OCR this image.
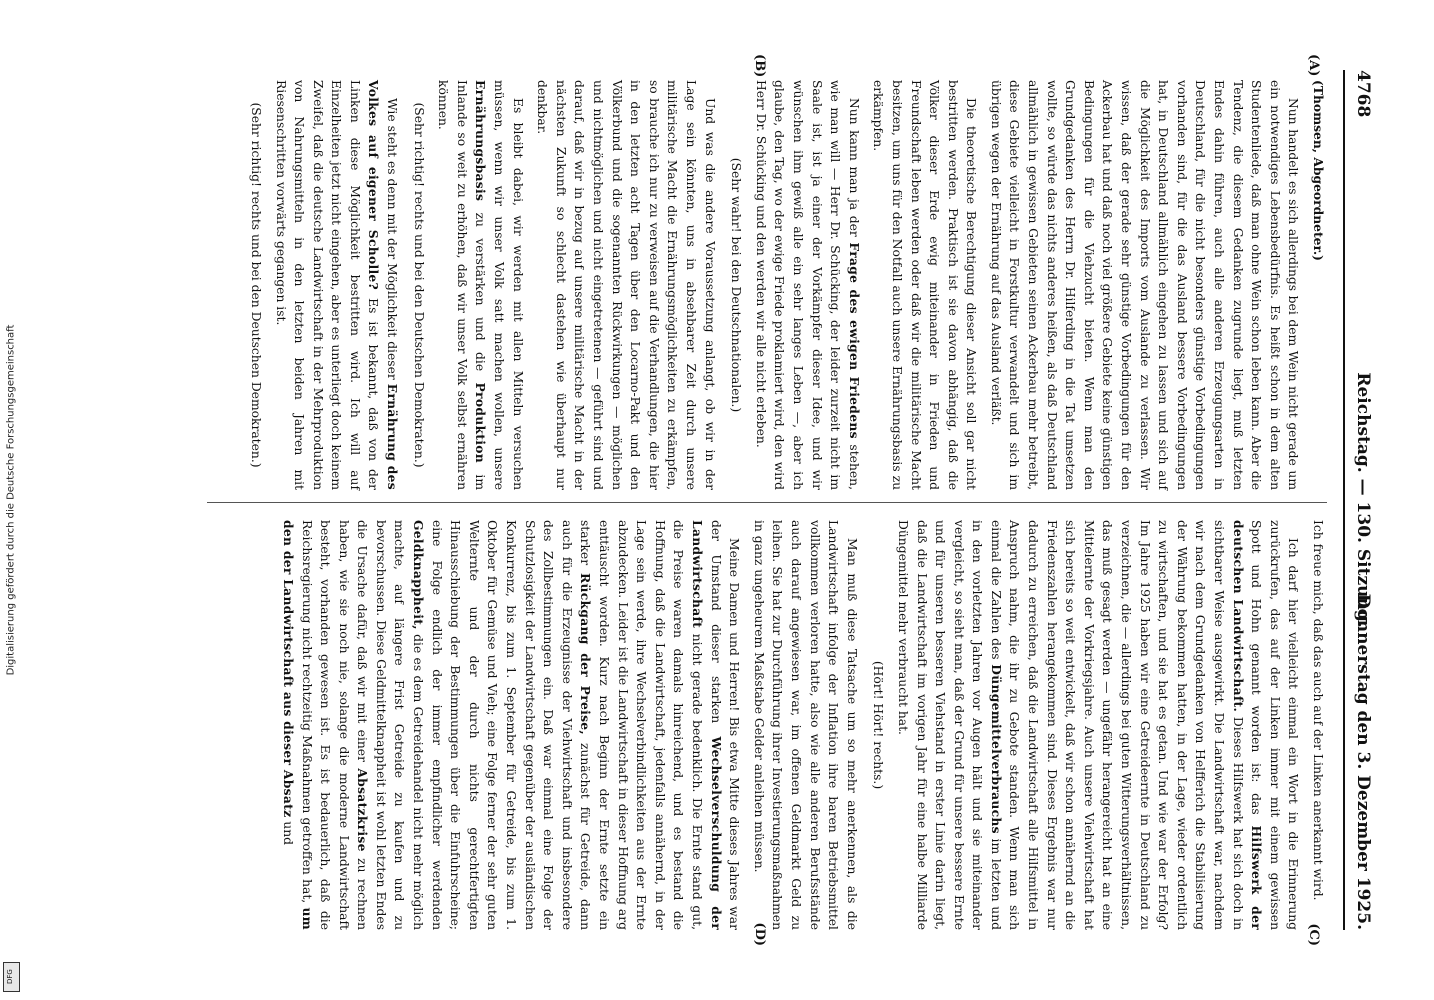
Digitalisierung gefördert durch die Deutsche Forschungsgemeinschaft
DFG
4768
Reichstag. — 130. Sitzung.
Donnerstag den 3. Dezember 1925.
(A)
(B)
(C)
(D)

(Thomsen, Abgeordneter.)

Nun handelt es sich allerdings bei dem Wein nicht gerade um ein notwendiges Lebensbedürfnis. Es heißt schon in dem alten Studentenliede, daß man ohne Wein schon leben kann. Aber die Tendenz, die diesem Gedanken zugrunde liegt, muß letzten Endes dahin führen, auch alle anderen Erzeugungsarten in Deutschland, für die nicht besonders günstige Vorbedingungen vorhanden sind, für die das Ausland bessere Vorbedingungen hat, in Deutschland allmählich eingehen zu lassen und sich auf die Möglichkeit des Imports vom Auslande zu verlassen. Wir wissen, daß der gerade sehr günstige Vorbedingungen für den Ackerbau hat und daß noch viel größere Gebiete keine günstigen Bedingungen für die Viehzucht bieten. Wenn man den Grundgedanken des Herrn Dr. Hilferding in die Tat umsetzen wollte, so würde das nichts anderes heißen, als daß Deutschland allmählich in gewissen Gebieten seinen Ackerbau mehr betreibt, diese Gebiete vielleicht in Forstkultur verwandelt und sich im übrigen wegen der Ernährung auf das Ausland verläßt.

Die theoretische Berechtigung dieser Ansicht soll gar nicht bestritten werden. Praktisch ist sie davon abhängig, daß die Völker dieser Erde ewig miteinander in Frieden und Freundschaft leben werden oder daß wir die militärische Macht besitzen, um uns für den Notfall auch unsere Ernährungsbasis zu erkämpfen.

Nun kann man ja der Frage des ewigen Friedens stehen, wie man will — Herr Dr. Schücking, der leider zurzeit nicht im Saale ist, ist ja einer der Vorkämpfer dieser Idee, und wir wünschen ihm gewiß alle ein sehr langes Leben —, aber ich glaube, den Tag, wo der ewige Friede proklamiert wird, den wird Herr Dr. Schücking und den werden wir alle nicht erleben.

(Sehr wahr! bei den Deutschnationalen.)

Und was die andere Voraussetzung anlangt, ob wir in der Lage sein könnten, uns in absehbarer Zeit durch unsere militärische Macht die Ernährungsmöglichkeiten zu erkämpfen, so brauche ich nur zu verweisen auf die Verhandlungen, die hier in den letzten acht Tagen über den Locarno-Pakt und den Völkerbund und die sogenannten Rückwirkungen — möglichen und nichtmöglichen und nicht eingetretenen — geführt sind und darauf, daß wir in bezug auf unsere militärische Macht in der nächsten Zukunft so schlecht dastehen wie überhaupt nur denkbar.

Es bleibt dabei, wir werden mit allen Mitteln versuchen müssen, wenn wir unser Volk satt machen wollen, unsere Ernährungsbasis zu verstärken und die Produktion im Inlande so weit zu erhöhen, daß wir unser Volk selbst ernähren können.

(Sehr richtig! rechts und bei den Deutschen Demokraten.)

Wie steht es denn mit der Möglichkeit dieser Ernährung des Volkes auf eigener Scholle? Es ist bekannt, daß von der Linken diese Möglichkeit bestritten wird. Ich will auf Einzelheiten jetzt nicht eingehen, aber es unterliegt doch keinem Zweifel, daß die deutsche Landwirtschaft in der Mehrproduktion von Nahrungsmitteln in den letzten beiden Jahren mit Riesenschritten vorwärts gegangen ist.

(Sehr richtig! rechts und bei den Deutschen Demokraten.)

Ich freue mich, daß das auch auf der Linken anerkannt wird.

Ich darf hier vielleicht einmal ein Wort in die Erinnerung zurückrufen, das auf der Linken immer mit einem gewissen Spott und Hohn genannt worden ist: das Hilfswerk der deutschen Landwirtschaft. Dieses Hilfswerk hat sich doch in sichtbarer Weise ausgewirkt. Die Landwirtschaft war, nachdem wir nach dem Grundgedanken von Helfferich die Stabilisierung der Währung bekommen hatten, in der Lage, wieder ordentlich zu wirtschaften, und sie hat es getan. Und wie war der Erfolg? Im Jahre 1925 haben wir eine Getreideernte in Deutschland zu verzeichnen, die — allerdings bei guten Witterungsverhältnissen, das muß gesagt werden — ungefähr herangereicht hat an eine Mittelernte der Vorkriegsjahre. Auch unsere Viehwirtschaft hat sich bereits so weit entwickelt, daß wir schon annähernd an die Friedenszahlen herangekommen sind. Dieses Ergebnis war nur dadurch zu erreichen, daß die Landwirtschaft alle Hilfsmittel in Anspruch nahm, die ihr zu Gebote standen. Wenn man sich einmal die Zahlen des Düngemittelverbrauchs im letzten und in den vorletzten Jahren vor Augen hält und sie miteinander vergleicht, so sieht man, daß der Grund für unsere bessere Ernte und für unseren besseren Viehstand in erster Linie darin liegt, daß die Landwirtschaft im vorigen Jahr für eine halbe Milliarde Düngemittel mehr verbraucht hat.

(Hört! Hört! rechts.)

Man muß diese Tatsache um so mehr anerkennen, als die Landwirtschaft infolge der Inflation ihre baren Betriebsmittel vollkommen verloren hatte, also wie alle anderen Berufsstände auch darauf angewiesen war, im offenen Geldmarkt Geld zu leihen. Sie hat zur Durchführung ihrer Investierungsmaßnahmen in ganz ungeheurem Maßstabe Gelder anleihen müssen.

Meine Damen und Herren! Bis etwa Mitte dieses Jahres war der Umstand dieser starken Wechselverschuldung der Landwirtschaft nicht gerade bedenklich. Die Ernte stand gut, die Preise waren damals hinreichend, und es bestand die Hoffnung, daß die Landwirtschaft, jedenfalls annähernd, in der Lage sein werde, ihre Wechselverbindlichkeiten aus der Ernte abzudecken. Leider ist die Landwirtschaft in dieser Hoffnung arg enttäuscht worden. Kurz nach Beginn der Ernte setzte ein starker Rückgang der Preise, zunächst für Getreide, dann auch für die Erzeugnisse der Viehwirtschaft und insbesondere des Zollbestimmungen ein. Daß war einmal eine Folge der Schutzlosigkeit der Landwirtschaft gegenüber der ausländischen Konkurrenz, bis zum 1. September für Getreide, bis zum 1. Oktober für Gemüse und Vieh; eine Folge ferner der sehr guten Welternte und der durch nichts gerechtfertigten Hinausschiebung der Bestimmungen über die Einfuhrscheine; eine Folge endlich der immer empfindlicher werdenden Geldknappheit, die es dem Getreidehandel nicht mehr möglich machte, auf längere Frist Getreide zu kaufen und zu bevorschussen. Diese Geldmittelknappheit ist wohl letzten Endes die Ursache dafür, daß wir mit einer Absatzkrise zu rechnen haben, wie sie noch nie, solange die moderne Landwirtschaft besteht, vorhanden gewesen ist. Es ist bedauerlich, daß die Reichsregierung nicht rechtzeitig Maßnahmen getroffen hat, um den der Landwirtschaft aus dieser Absatz und
